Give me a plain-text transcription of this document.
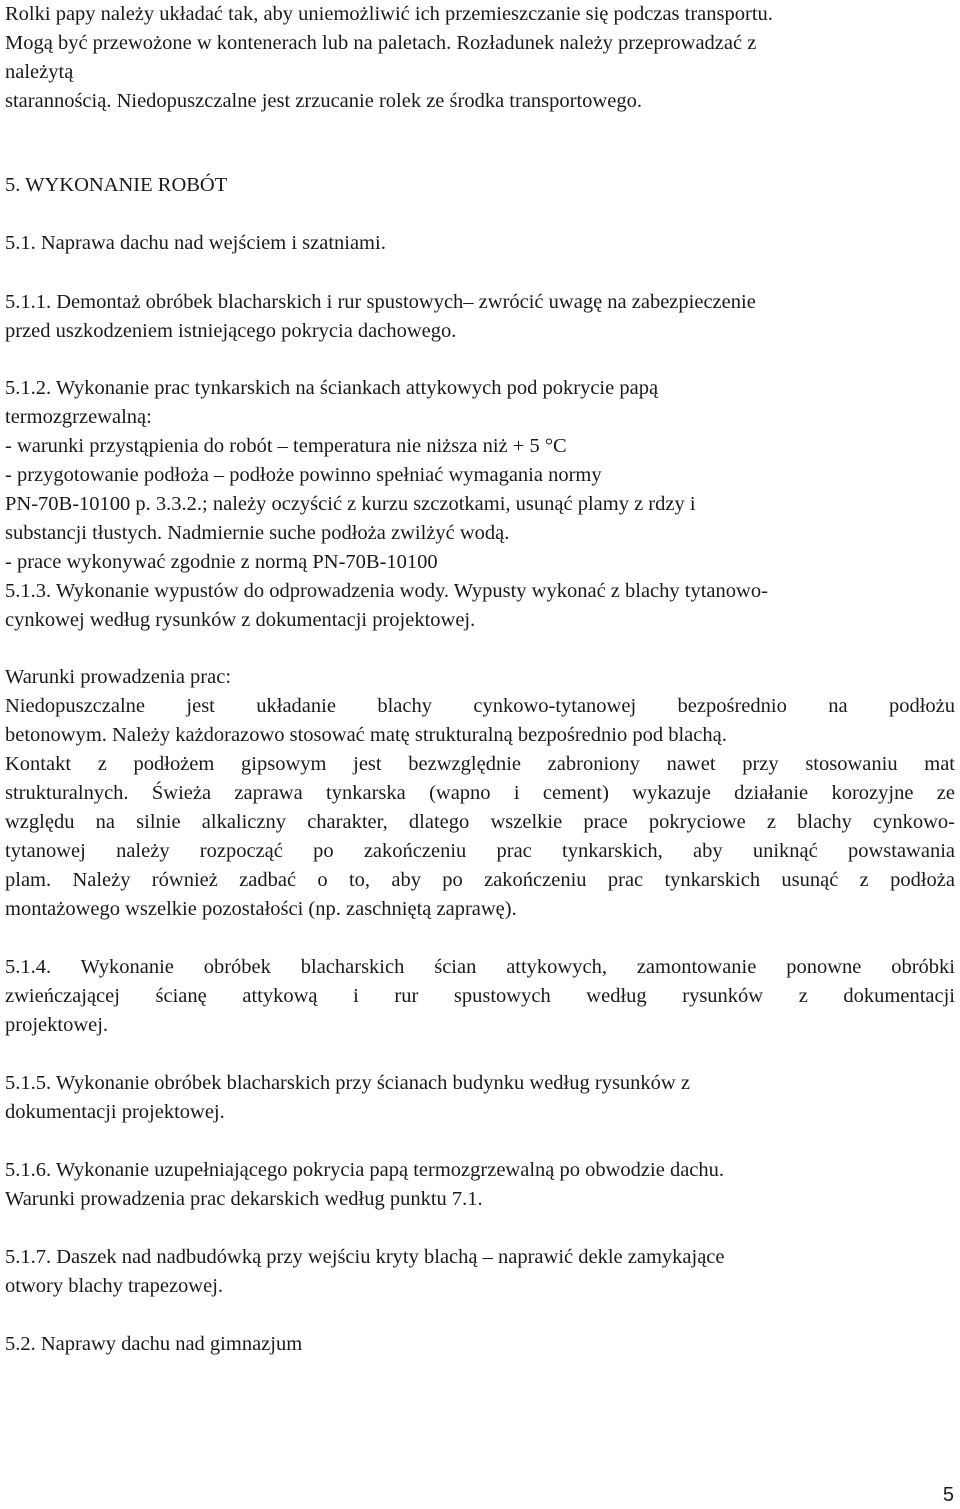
Rolki papy należy układać tak, aby uniemożliwić ich przemieszczanie się podczas transportu.
Mogą być przewożone w kontenerach lub na paletach. Rozładunek należy przeprowadzać z
należytą
starannością. Niedopuszczalne jest zrzucanie rolek ze środka transportowego.
5. WYKONANIE ROBÓT
5.1. Naprawa dachu nad wejściem i szatniami.
5.1.1. Demontaż obróbek blacharskich i rur spustowych– zwrócić uwagę na zabezpieczenie
przed uszkodzeniem istniejącego pokrycia dachowego.
5.1.2. Wykonanie prac tynkarskich na ściankach attykowych pod pokrycie papą
termozgrzewalną:
- warunki przystąpienia do robót – temperatura nie niższa niż + 5 °C
- przygotowanie podłoża – podłoże powinno spełniać wymagania normy
PN-70B-10100 p. 3.3.2.; należy oczyścić z kurzu szczotkami, usunąć plamy z rdzy i
substancji tłustych. Nadmiernie suche podłoża zwilżyć wodą.
- prace wykonywać zgodnie z normą PN-70B-10100
5.1.3. Wykonanie wypustów do odprowadzenia wody. Wypusty wykonać z blachy tytanowo-
cynkowej według rysunków z dokumentacji projektowej.
Warunki prowadzenia prac:
Niedopuszczalne jest układanie blachy cynkowo-tytanowej bezpośrednio na podłożu
betonowym. Należy każdorazowo stosować matę strukturalną bezpośrednio pod blachą.
Kontakt z podłożem gipsowym jest bezwzględnie zabroniony nawet przy stosowaniu mat
strukturalnych. Świeża zaprawa tynkarska (wapno i cement) wykazuje działanie korozyjne ze
względu na silnie alkaliczny charakter, dlatego wszelkie prace pokryciowe z blachy cynkowo-
tytanowej należy rozpocząć po zakończeniu prac tynkarskich, aby uniknąć powstawania
plam. Należy również zadbać o to, aby po zakończeniu prac tynkarskich usunąć z podłoża
montażowego wszelkie pozostałości (np. zaschniętą zaprawę).
5.1.4. Wykonanie obróbek blacharskich ścian attykowych, zamontowanie ponowne obróbki
zwieńczającej ścianę attykową i rur spustowych według rysunków z dokumentacji
projektowej.
5.1.5. Wykonanie obróbek blacharskich przy ścianach budynku według rysunków z
dokumentacji projektowej.
5.1.6. Wykonanie uzupełniającego pokrycia papą termozgrzewalną po obwodzie dachu.
Warunki prowadzenia prac dekarskich według punktu 7.1.
5.1.7. Daszek nad nadbudówką przy wejściu kryty blachą – naprawić dekle zamykające
otwory blachy trapezowej.
5.2. Naprawy dachu nad gimnazjum
5
